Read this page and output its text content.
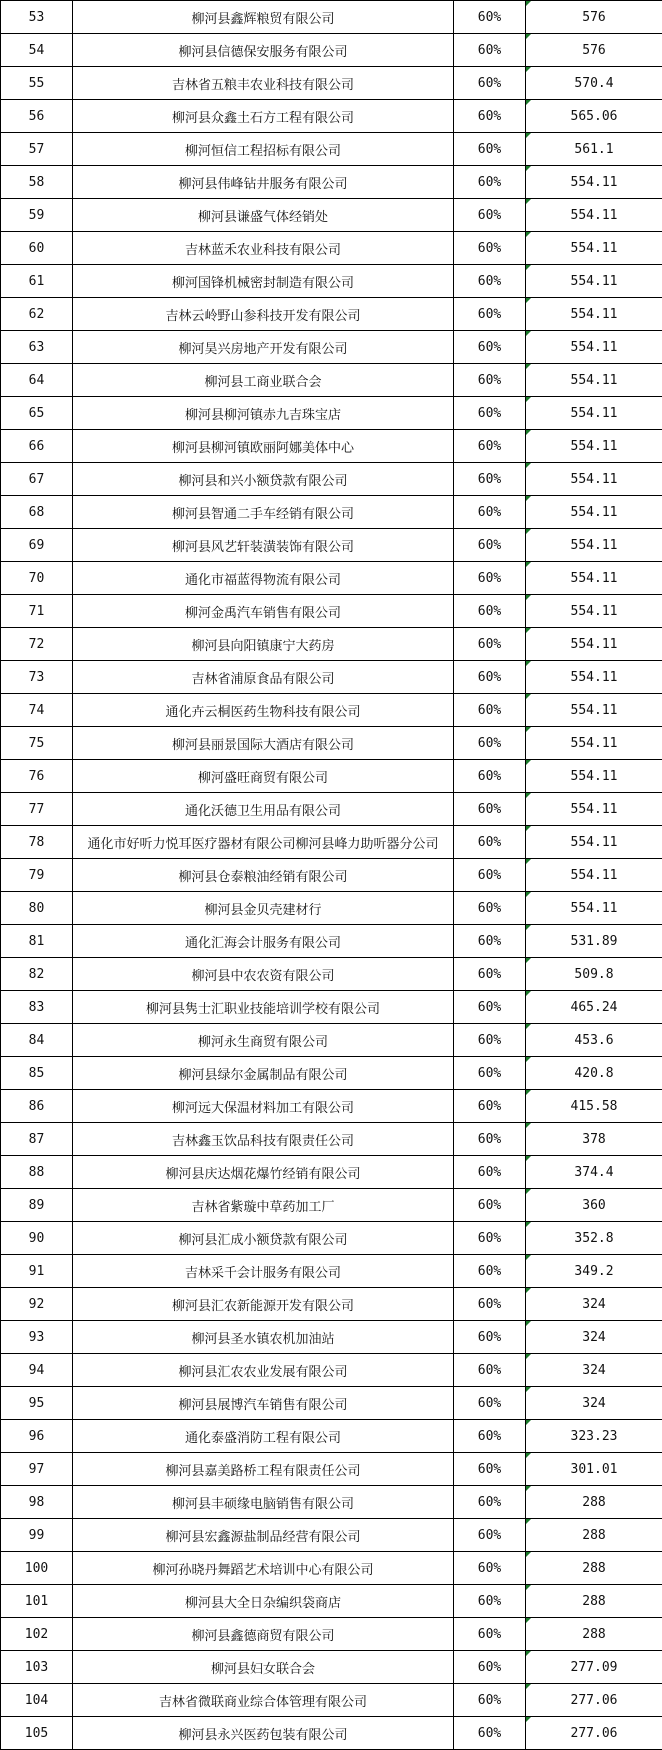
53	柳河县鑫辉粮贸有限公司	60%	576
54	柳河县信德保安服务有限公司	60%	576
55	吉林省五粮丰农业科技有限公司	60%	570.4
56	柳河县众鑫土石方工程有限公司	60%	565.06
57	柳河恒信工程招标有限公司	60%	561.1
58	柳河县伟峰钻井服务有限公司	60%	554.11
59	柳河县谦盛气体经销处	60%	554.11
60	吉林蓝禾农业科技有限公司	60%	554.11
61	柳河国锋机械密封制造有限公司	60%	554.11
62	吉林云岭野山参科技开发有限公司	60%	554.11
63	柳河昊兴房地产开发有限公司	60%	554.11
64	柳河县工商业联合会	60%	554.11
65	柳河县柳河镇赤九吉珠宝店	60%	554.11
66	柳河县柳河镇欧丽阿娜美体中心	60%	554.11
67	柳河县和兴小额贷款有限公司	60%	554.11
68	柳河县智通二手车经销有限公司	60%	554.11
69	柳河县风艺轩装潢装饰有限公司	60%	554.11
70	通化市福蓝得物流有限公司	60%	554.11
71	柳河金禹汽车销售有限公司	60%	554.11
72	柳河县向阳镇康宁大药房	60%	554.11
73	吉林省浦原食品有限公司	60%	554.11
74	通化卉云桐医药生物科技有限公司	60%	554.11
75	柳河县丽景国际大酒店有限公司	60%	554.11
76	柳河盛旺商贸有限公司	60%	554.11
77	通化沃德卫生用品有限公司	60%	554.11
78	通化市好听力悦耳医疗器材有限公司柳河县峰力助听器分公司	60%	554.11
79	柳河县仓泰粮油经销有限公司	60%	554.11
80	柳河县金贝壳建材行	60%	554.11
81	通化汇海会计服务有限公司	60%	531.89
82	柳河县中农农资有限公司	60%	509.8
83	柳河县隽士汇职业技能培训学校有限公司	60%	465.24
84	柳河永生商贸有限公司	60%	453.6
85	柳河县绿尔金属制品有限公司	60%	420.8
86	柳河远大保温材料加工有限公司	60%	415.58
87	吉林鑫玉饮品科技有限责任公司	60%	378
88	柳河县庆达烟花爆竹经销有限公司	60%	374.4
89	吉林省紫璇中草药加工厂	60%	360
90	柳河县汇成小额贷款有限公司	60%	352.8
91	吉林采千会计服务有限公司	60%	349.2
92	柳河县汇农新能源开发有限公司	60%	324
93	柳河县圣水镇农机加油站	60%	324
94	柳河县汇农农业发展有限公司	60%	324
95	柳河县展博汽车销售有限公司	60%	324
96	通化泰盛消防工程有限公司	60%	323.23
97	柳河县嘉美路桥工程有限责任公司	60%	301.01
98	柳河县丰硕缘电脑销售有限公司	60%	288
99	柳河县宏鑫源盐制品经营有限公司	60%	288
100	柳河孙晓丹舞蹈艺术培训中心有限公司	60%	288
101	柳河县大全日杂编织袋商店	60%	288
102	柳河县鑫德商贸有限公司	60%	288
103	柳河县妇女联合会	60%	277.09
104	吉林省微联商业综合体管理有限公司	60%	277.06
105	柳河县永兴医药包装有限公司	60%	277.06
